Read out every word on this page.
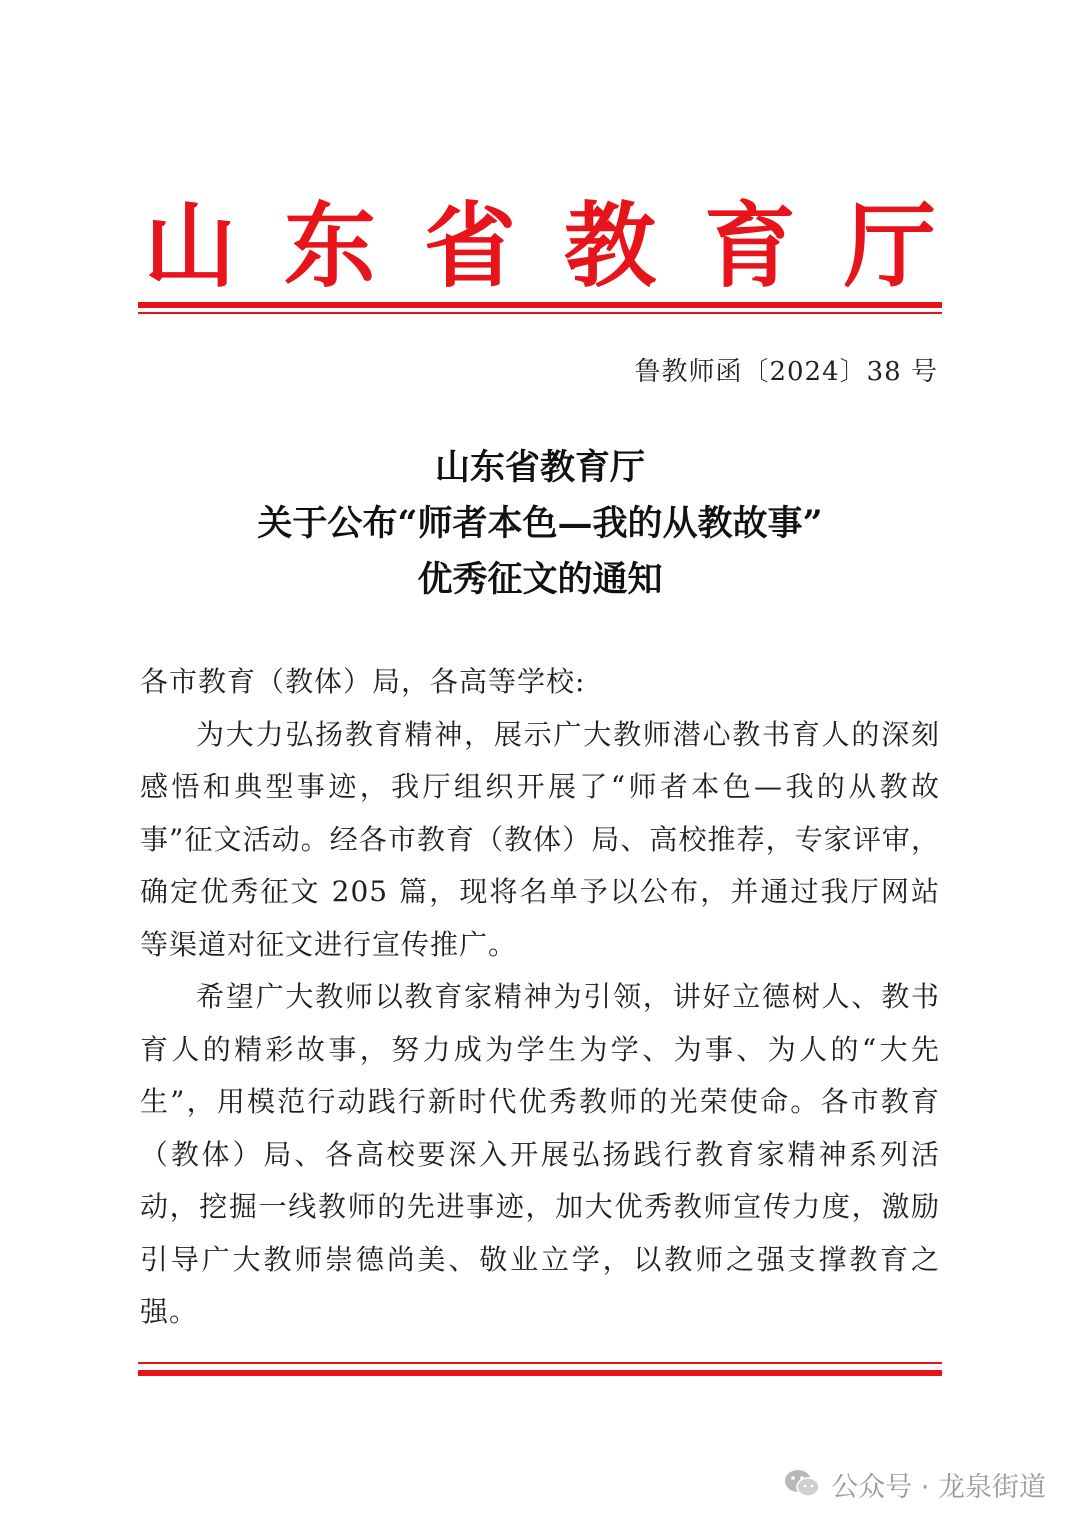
山 东 省 教 育 厅
鲁教师函〔2024〕38 号
山东省教育厅
关于公布“师者本色—我的从教故事”
优秀征文的通知

各市教育（教体）局，各高等学校:

为大力弘扬教育精神，展示广大教师潜心教书育人的深刻感悟和典型事迹，我厅组织开展了“师者本色—我的从教故事”征文活动。经各市教育（教体）局、高校推荐，专家评审，确定优秀征文 205 篇，现将名单予以公布，并通过我厅网站等渠道对征文进行宣传推广。

希望广大教师以教育家精神为引领，讲好立德树人、教书育人的精彩故事，努力成为学生为学、为事、为人的“大先生”，用模范行动践行新时代优秀教师的光荣使命。各市教育（教体）局、各高校要深入开展弘扬践行教育家精神系列活动，挖掘一线教师的先进事迹，加大优秀教师宣传力度，激励引导广大教师崇德尚美、敬业立学，以教师之强支撑教育之强。

公众号 · 龙泉街道
